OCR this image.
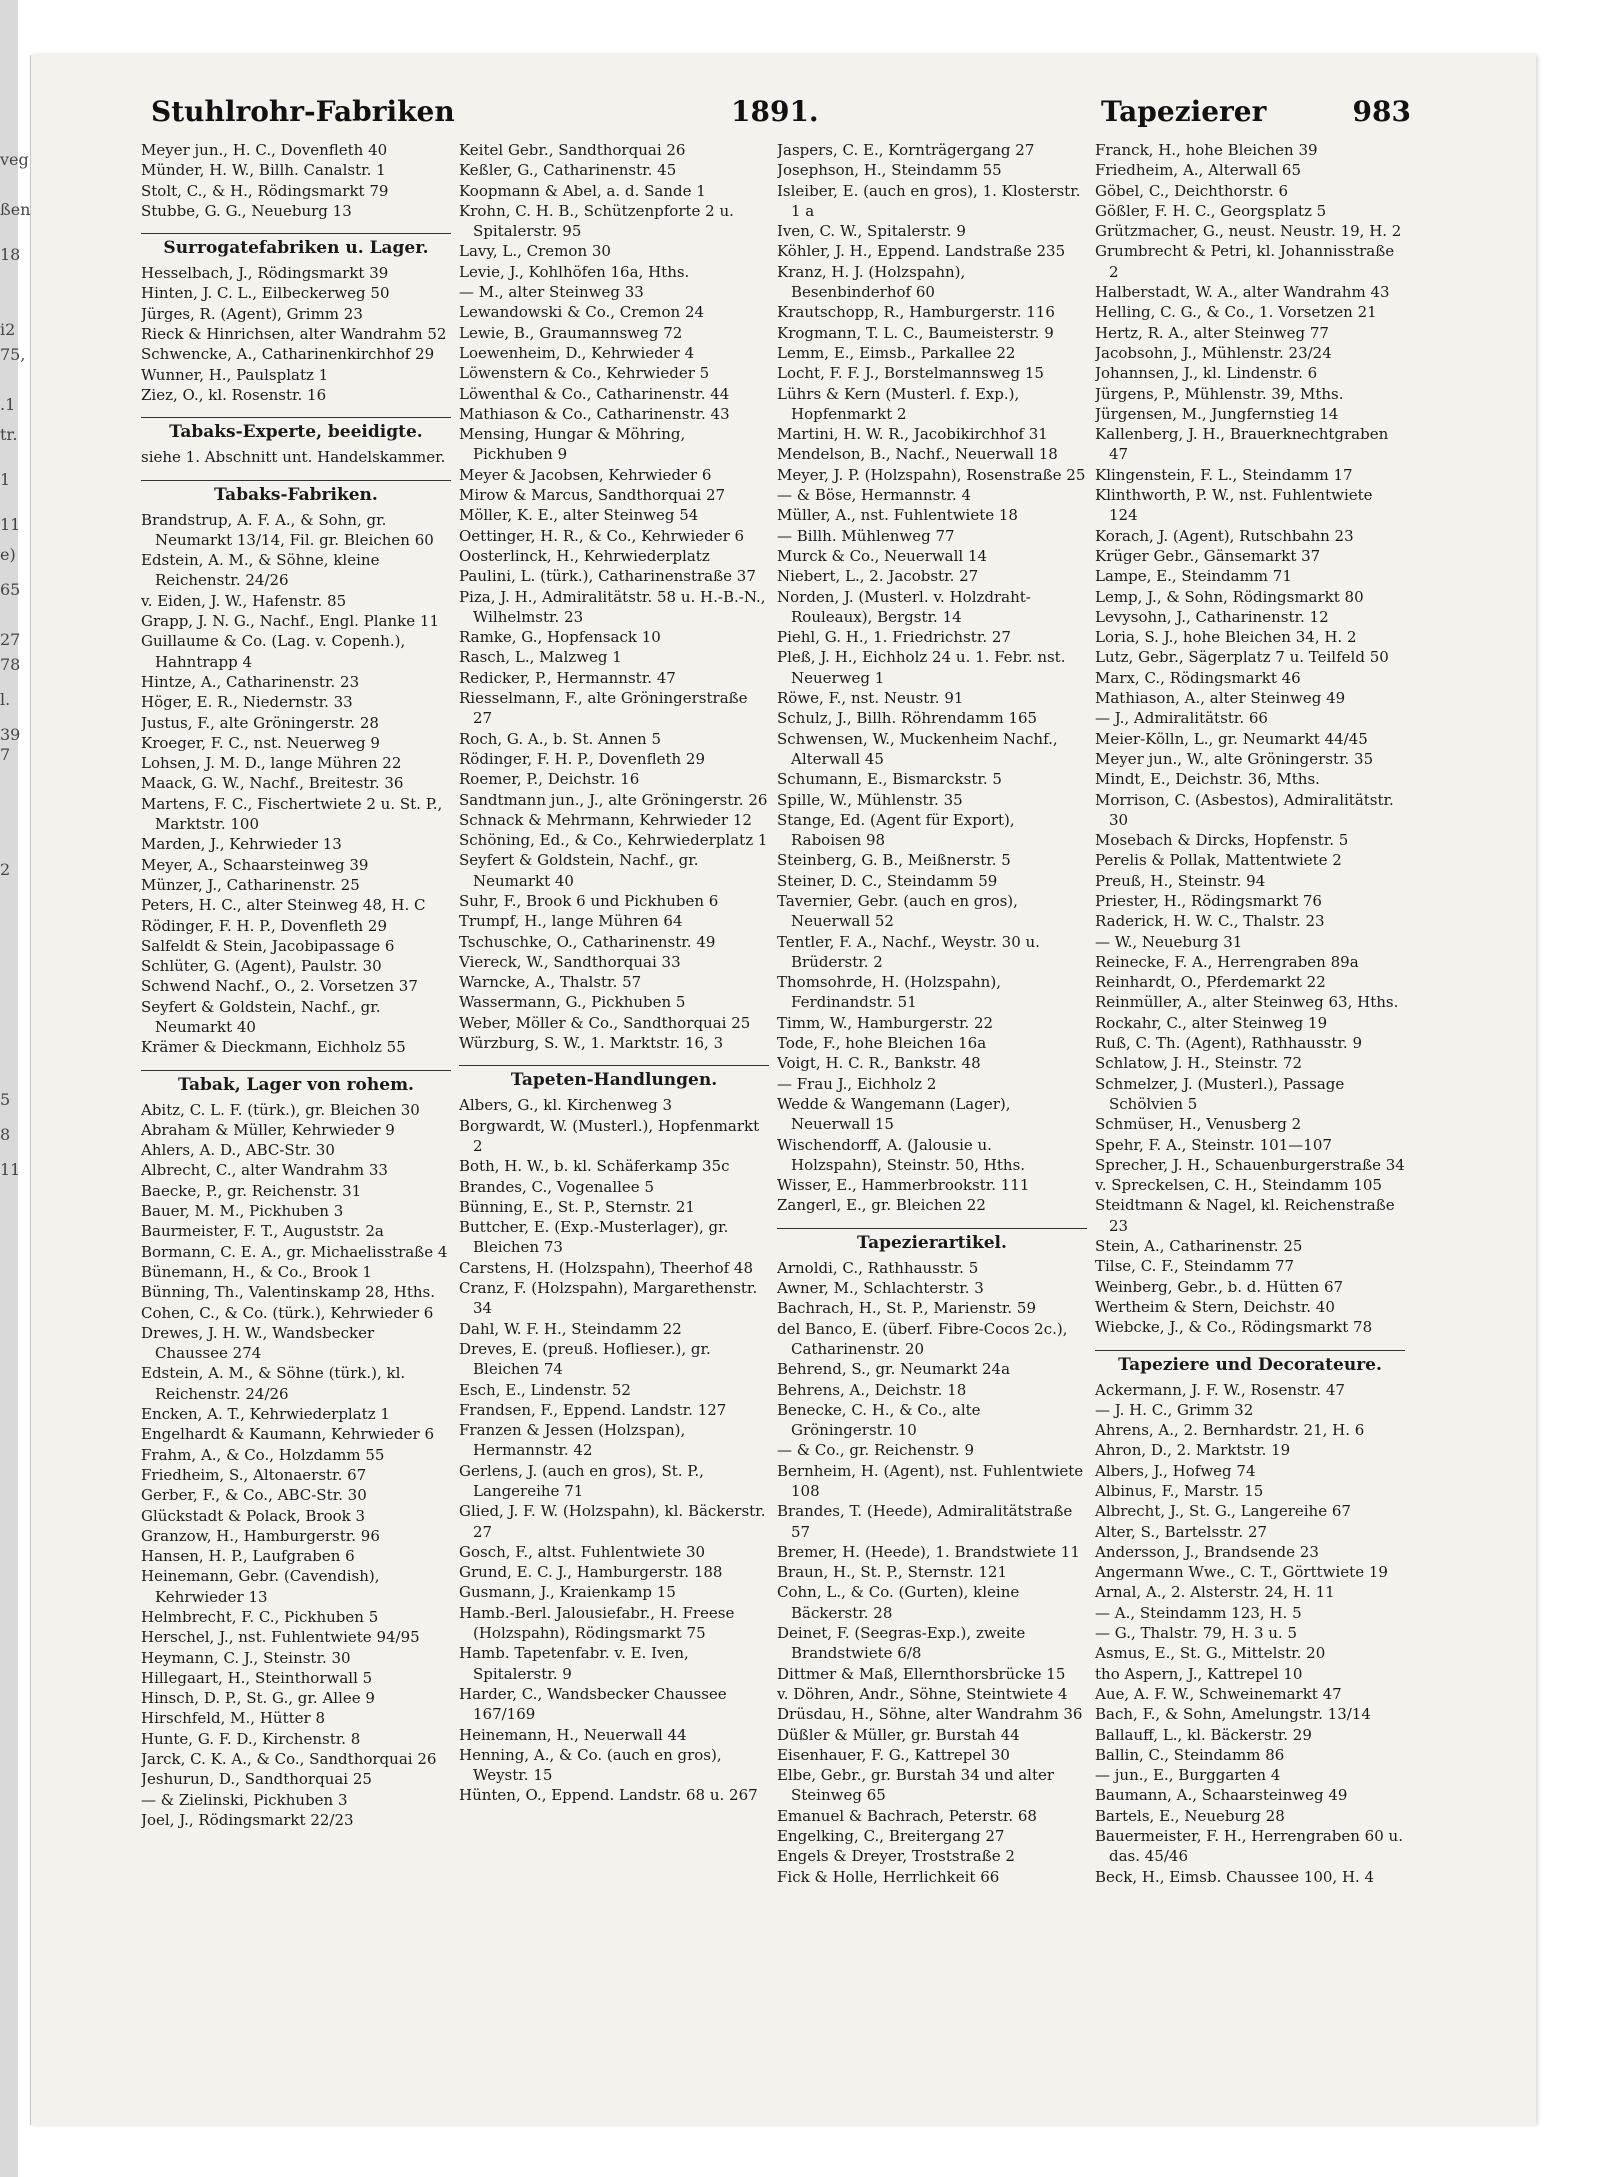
veg
ßen
18
i2
75,
.1
tr.
1
11
e)
65
27
78
l.
39
7
2
5
8
11
Stuhlrohr-Fabriken	1891.	Tapezierer	983
Meyer jun., H. C., Dovenfleth 40
Münder, H. W., Billh. Canalstr. 1
Stolt, C., & H., Rödingsmarkt 79
Stubbe, G. G., Neueburg 13
Surrogatefabriken u. Lager.
Hesselbach, J., Rödingsmarkt 39
Hinten, J. C. L., Eilbeckerweg 50
Jürges, R. (Agent), Grimm 23
Rieck & Hinrichsen, alter Wandrahm 52
Schwencke, A., Catharinenkirchhof 29
Wunner, H., Paulsplatz 1
Ziez, O., kl. Rosenstr. 16
Tabaks-Experte, beeidigte.
siehe 1. Abschnitt unt. Handelskammer.
Tabaks-Fabriken.
Brandstrup, A. F. A., & Sohn, gr. Neumarkt 13/14, Fil. gr. Bleichen 60
Edstein, A. M., & Söhne, kleine Reichenstr. 24/26
v. Eiden, J. W., Hafenstr. 85
Grapp, J. N. G., Nachf., Engl. Planke 11
Guillaume & Co. (Lag. v. Copenh.), Hahntrapp 4
Hintze, A., Catharinenstr. 23
Höger, E. R., Niedernstr. 33
Justus, F., alte Gröningerstr. 28
Kroeger, F. C., nst. Neuerweg 9
Lohsen, J. M. D., lange Mühren 22
Maack, G. W., Nachf., Breitestr. 36
Martens, F. C., Fischertwiete 2 u. St. P., Marktstr. 100
Marden, J., Kehrwieder 13
Meyer, A., Schaarsteinweg 39
Münzer, J., Catharinenstr. 25
Peters, H. C., alter Steinweg 48, H. C
Rödinger, F. H. P., Dovenfleth 29
Salfeldt & Stein, Jacobipassage 6
Schlüter, G. (Agent), Paulstr. 30
Schwend Nachf., O., 2. Vorsetzen 37
Seyfert & Goldstein, Nachf., gr. Neumarkt 40
Krämer & Dieckmann, Eichholz 55
Tabak, Lager von rohem.
Abitz, C. L. F. (türk.), gr. Bleichen 30
Abraham & Müller, Kehrwieder 9
Ahlers, A. D., ABC-Str. 30
Albrecht, C., alter Wandrahm 33
Baecke, P., gr. Reichenstr. 31
Bauer, M. M., Pickhuben 3
Baurmeister, F. T., Auguststr. 2a
Bormann, C. E. A., gr. Michaelisstraße 4
Bünemann, H., & Co., Brook 1
Bünning, Th., Valentinskamp 28, Hths.
Cohen, C., & Co. (türk.), Kehrwieder 6
Drewes, J. H. W., Wandsbecker Chaussee 274
Edstein, A. M., & Söhne (türk.), kl. Reichenstr. 24/26
Encken, A. T., Kehrwiederplatz 1
Engelhardt & Kaumann, Kehrwieder 6
Frahm, A., & Co., Holzdamm 55
Friedheim, S., Altonaerstr. 67
Gerber, F., & Co., ABC-Str. 30
Glückstadt & Polack, Brook 3
Granzow, H., Hamburgerstr. 96
Hansen, H. P., Laufgraben 6
Heinemann, Gebr. (Cavendish), Kehrwieder 13
Helmbrecht, F. C., Pickhuben 5
Herschel, J., nst. Fuhlentwiete 94/95
Heymann, C. J., Steinstr. 30
Hillegaart, H., Steinthorwall 5
Hinsch, D. P., St. G., gr. Allee 9
Hirschfeld, M., Hütter 8
Hunte, G. F. D., Kirchenstr. 8
Jarck, C. K. A., & Co., Sandthorquai 26
Jeshurun, D., Sandthorquai 25
— & Zielinski, Pickhuben 3
Joel, J., Rödingsmarkt 22/23
Keitel Gebr., Sandthorquai 26
Keßler, G., Catharinenstr. 45
Koopmann & Abel, a. d. Sande 1
Krohn, C. H. B., Schützenpforte 2 u. Spitalerstr. 95
Lavy, L., Cremon 30
Levie, J., Kohlhöfen 16a, Hths.
— M., alter Steinweg 33
Lewandowski & Co., Cremon 24
Lewie, B., Graumannsweg 72
Loewenheim, D., Kehrwieder 4
Löwenstern & Co., Kehrwieder 5
Löwenthal & Co., Catharinenstr. 44
Mathiason & Co., Catharinenstr. 43
Mensing, Hungar & Möhring, Pickhuben 9
Meyer & Jacobsen, Kehrwieder 6
Mirow & Marcus, Sandthorquai 27
Möller, K. E., alter Steinweg 54
Oettinger, H. R., & Co., Kehrwieder 6
Oosterlinck, H., Kehrwiederplatz
Paulini, L. (türk.), Catharinenstraße 37
Piza, J. H., Admiralitätstr. 58 u. H.-B.-N., Wilhelmstr. 23
Ramke, G., Hopfensack 10
Rasch, L., Malzweg 1
Redicker, P., Hermannstr. 47
Riesselmann, F., alte Gröningerstraße 27
Roch, G. A., b. St. Annen 5
Rödinger, F. H. P., Dovenfleth 29
Roemer, P., Deichstr. 16
Sandtmann jun., J., alte Gröningerstr. 26
Schnack & Mehrmann, Kehrwieder 12
Schöning, Ed., & Co., Kehrwiederplatz 1
Seyfert & Goldstein, Nachf., gr. Neumarkt 40
Suhr, F., Brook 6 und Pickhuben 6
Trumpf, H., lange Mühren 64
Tschuschke, O., Catharinenstr. 49
Viereck, W., Sandthorquai 33
Warncke, A., Thalstr. 57
Wassermann, G., Pickhuben 5
Weber, Möller & Co., Sandthorquai 25
Würzburg, S. W., 1. Marktstr. 16, 3
Tapeten-Handlungen.
Albers, G., kl. Kirchenweg 3
Borgwardt, W. (Musterl.), Hopfenmarkt 2
Both, H. W., b. kl. Schäferkamp 35c
Brandes, C., Vogenallee 5
Bünning, E., St. P., Sternstr. 21
Buttcher, E. (Exp.-Musterlager), gr. Bleichen 73
Carstens, H. (Holzspahn), Theerhof 48
Cranz, F. (Holzspahn), Margarethenstr. 34
Dahl, W. F. H., Steindamm 22
Dreves, E. (preuß. Hoflieser.), gr. Bleichen 74
Esch, E., Lindenstr. 52
Frandsen, F., Eppend. Landstr. 127
Franzen & Jessen (Holzspan), Hermannstr. 42
Gerlens, J. (auch en gros), St. P., Langereihe 71
Glied, J. F. W. (Holzspahn), kl. Bäckerstr. 27
Gosch, F., altst. Fuhlentwiete 30
Grund, E. C. J., Hamburgerstr. 188
Gusmann, J., Kraienkamp 15
Hamb.-Berl. Jalousiefabr., H. Freese (Holzspahn), Rödingsmarkt 75
Hamb. Tapetenfabr. v. E. Iven, Spitalerstr. 9
Harder, C., Wandsbecker Chaussee 167/169
Heinemann, H., Neuerwall 44
Henning, A., & Co. (auch en gros), Weystr. 15
Hünten, O., Eppend. Landstr. 68 u. 267
Jaspers, C. E., Kornträgergang 27
Josephson, H., Steindamm 55
Isleiber, E. (auch en gros), 1. Klosterstr. 1 a
Iven, C. W., Spitalerstr. 9
Köhler, J. H., Eppend. Landstraße 235
Kranz, H. J. (Holzspahn), Besenbinderhof 60
Krautschopp, R., Hamburgerstr. 116
Krogmann, T. L. C., Baumeisterstr. 9
Lemm, E., Eimsb., Parkallee 22
Locht, F. F. J., Borstelmannsweg 15
Lührs & Kern (Musterl. f. Exp.), Hopfenmarkt 2
Martini, H. W. R., Jacobikirchhof 31
Mendelson, B., Nachf., Neuerwall 18
Meyer, J. P. (Holzspahn), Rosenstraße 25
— & Böse, Hermannstr. 4
Müller, A., nst. Fuhlentwiete 18
— Billh. Mühlenweg 77
Murck & Co., Neuerwall 14
Niebert, L., 2. Jacobstr. 27
Norden, J. (Musterl. v. Holzdraht-Rouleaux), Bergstr. 14
Piehl, G. H., 1. Friedrichstr. 27
Pleß, J. H., Eichholz 24 u. 1. Febr. nst. Neuerweg 1
Röwe, F., nst. Neustr. 91
Schulz, J., Billh. Röhrendamm 165
Schwensen, W., Muckenheim Nachf., Alterwall 45
Schumann, E., Bismarckstr. 5
Spille, W., Mühlenstr. 35
Stange, Ed. (Agent für Export), Raboisen 98
Steinberg, G. B., Meißnerstr. 5
Steiner, D. C., Steindamm 59
Tavernier, Gebr. (auch en gros), Neuerwall 52
Tentler, F. A., Nachf., Weystr. 30 u. Brüderstr. 2
Thomsohrde, H. (Holzspahn), Ferdinandstr. 51
Timm, W., Hamburgerstr. 22
Tode, F., hohe Bleichen 16a
Voigt, H. C. R., Bankstr. 48
— Frau J., Eichholz 2
Wedde & Wangemann (Lager), Neuerwall 15
Wischendorff, A. (Jalousie u. Holzspahn), Steinstr. 50, Hths.
Wisser, E., Hammerbrookstr. 111
Zangerl, E., gr. Bleichen 22
Tapezierartikel.
Arnoldi, C., Rathhausstr. 5
Awner, M., Schlachterstr. 3
Bachrach, H., St. P., Marienstr. 59
del Banco, E. (überf. Fibre-Cocos 2c.), Catharinenstr. 20
Behrend, S., gr. Neumarkt 24a
Behrens, A., Deichstr. 18
Benecke, C. H., & Co., alte Gröningerstr. 10
— & Co., gr. Reichenstr. 9
Bernheim, H. (Agent), nst. Fuhlentwiete 108
Brandes, T. (Heede), Admiralitätstraße 57
Bremer, H. (Heede), 1. Brandstwiete 11
Braun, H., St. P., Sternstr. 121
Cohn, L., & Co. (Gurten), kleine Bäckerstr. 28
Deinet, F. (Seegras-Exp.), zweite Brandstwiete 6/8
Dittmer & Maß, Ellernthorsbrücke 15
v. Döhren, Andr., Söhne, Steintwiete 4
Drüsdau, H., Söhne, alter Wandrahm 36
Düßler & Müller, gr. Burstah 44
Eisenhauer, F. G., Kattrepel 30
Elbe, Gebr., gr. Burstah 34 und alter Steinweg 65
Emanuel & Bachrach, Peterstr. 68
Engelking, C., Breitergang 27
Engels & Dreyer, Troststraße 2
Fick & Holle, Herrlichkeit 66
Franck, H., hohe Bleichen 39
Friedheim, A., Alterwall 65
Göbel, C., Deichthorstr. 6
Gößler, F. H. C., Georgsplatz 5
Grützmacher, G., neust. Neustr. 19, H. 2
Grumbrecht & Petri, kl. Johannisstraße 2
Halberstadt, W. A., alter Wandrahm 43
Helling, C. G., & Co., 1. Vorsetzen 21
Hertz, R. A., alter Steinweg 77
Jacobsohn, J., Mühlenstr. 23/24
Johannsen, J., kl. Lindenstr. 6
Jürgens, P., Mühlenstr. 39, Mths.
Jürgensen, M., Jungfernstieg 14
Kallenberg, J. H., Brauerknechtgraben 47
Klingenstein, F. L., Steindamm 17
Klinthworth, P. W., nst. Fuhlentwiete 124
Korach, J. (Agent), Rutschbahn 23
Krüger Gebr., Gänsemarkt 37
Lampe, E., Steindamm 71
Lemp, J., & Sohn, Rödingsmarkt 80
Levysohn, J., Catharinenstr. 12
Loria, S. J., hohe Bleichen 34, H. 2
Lutz, Gebr., Sägerplatz 7 u. Teilfeld 50
Marx, C., Rödingsmarkt 46
Mathiason, A., alter Steinweg 49
— J., Admiralitätstr. 66
Meier-Kölln, L., gr. Neumarkt 44/45
Meyer jun., W., alte Gröningerstr. 35
Mindt, E., Deichstr. 36, Mths.
Morrison, C. (Asbestos), Admiralitätstr. 30
Mosebach & Dircks, Hopfenstr. 5
Perelis & Pollak, Mattentwiete 2
Preuß, H., Steinstr. 94
Priester, H., Rödingsmarkt 76
Raderick, H. W. C., Thalstr. 23
— W., Neueburg 31
Reinecke, F. A., Herrengraben 89a
Reinhardt, O., Pferdemarkt 22
Reinmüller, A., alter Steinweg 63, Hths.
Rockahr, C., alter Steinweg 19
Ruß, C. Th. (Agent), Rathhausstr. 9
Schlatow, J. H., Steinstr. 72
Schmelzer, J. (Musterl.), Passage Schölvien 5
Schmüser, H., Venusberg 2
Spehr, F. A., Steinstr. 101—107
Sprecher, J. H., Schauenburgerstraße 34
v. Spreckelsen, C. H., Steindamm 105
Steidtmann & Nagel, kl. Reichenstraße 23
Stein, A., Catharinenstr. 25
Tilse, C. F., Steindamm 77
Weinberg, Gebr., b. d. Hütten 67
Wertheim & Stern, Deichstr. 40
Wiebcke, J., & Co., Rödingsmarkt 78
Tapeziere und Decorateure.
Ackermann, J. F. W., Rosenstr. 47
— J. H. C., Grimm 32
Ahrens, A., 2. Bernhardstr. 21, H. 6
Ahron, D., 2. Marktstr. 19
Albers, J., Hofweg 74
Albinus, F., Marstr. 15
Albrecht, J., St. G., Langereihe 67
Alter, S., Bartelsstr. 27
Andersson, J., Brandsende 23
Angermann Wwe., C. T., Görttwiete 19
Arnal, A., 2. Alsterstr. 24, H. 11
— A., Steindamm 123, H. 5
— G., Thalstr. 79, H. 3 u. 5
Asmus, E., St. G., Mittelstr. 20
tho Aspern, J., Kattrepel 10
Aue, A. F. W., Schweinemarkt 47
Bach, F., & Sohn, Amelungstr. 13/14
Ballauff, L., kl. Bäckerstr. 29
Ballin, C., Steindamm 86
— jun., E., Burggarten 4
Baumann, A., Schaarsteinweg 49
Bartels, E., Neueburg 28
Bauermeister, F. H., Herrengraben 60 u. das. 45/46
Beck, H., Eimsb. Chaussee 100, H. 4
